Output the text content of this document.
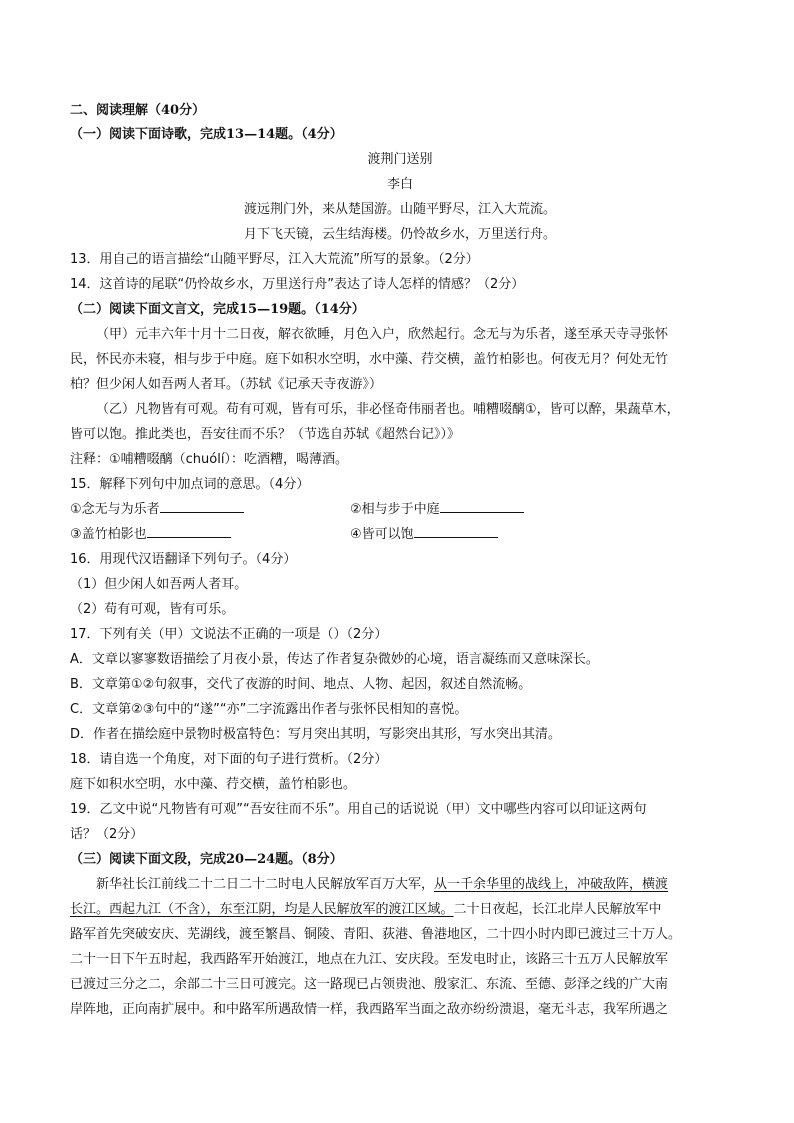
二、阅读理解（40分）
（一）阅读下面诗歌，完成13—14题。（4分）
渡荆门送别
李白
渡远荆门外，来从楚国游。山随平野尽，江入大荒流。
月下飞天镜，云生结海楼。仍怜故乡水，万里送行舟。
13．用自己的语言描绘“山随平野尽，江入大荒流”所写的景象。（2分）
14．这首诗的尾联“仍怜故乡水，万里送行舟”表达了诗人怎样的情感？（2分）
（二）阅读下面文言文，完成15—19题。（14分）
（甲）元丰六年十月十二日夜，解衣欲睡，月色入户，欣然起行。念无与为乐者，遂至承天寺寻张怀
民，怀民亦未寝，相与步于中庭。庭下如积水空明，水中藻、荇交横，盖竹柏影也。何夜无月？何处无竹
柏？但少闲人如吾两人者耳。（苏轼《记承天寺夜游》）
（乙）凡物皆有可观。苟有可观，皆有可乐，非必怪奇伟丽者也。哺糟啜醨①，皆可以醉，果蔬草木，
皆可以饱。推此类也，吾安往而不乐？（节选自苏轼《超然台记》）》
注释：①哺糟啜醨（chuólí）：吃酒糟，喝薄酒。
15．解释下列句中加点词的意思。（4分）
①念无与为乐者	②相与步于中庭
③盖竹柏影也	④皆可以饱
16．用现代汉语翻译下列句子。（4分）
（1）但少闲人如吾两人者耳。
（2）苟有可观，皆有可乐。
17．下列有关（甲）文说法不正确的一项是（）（2分）
A．文章以寥寥数语描绘了月夜小景，传达了作者复杂微妙的心境，语言凝练而又意味深长。
B．文章第①②句叙事，交代了夜游的时间、地点、人物、起因，叙述自然流畅。
C．文章第②③句中的“遂”“亦”二字流露出作者与张怀民相知的喜悦。
D．作者在描绘庭中景物时极富特色：写月突出其明，写影突出其形，写水突出其清。
18．请自选一个角度，对下面的句子进行赏析。（2分）
庭下如积水空明，水中藻、荇交横，盖竹柏影也。
19．乙文中说“凡物皆有可观”“吾安往而不乐”。用自己的话说说（甲）文中哪些内容可以印证这两句
话？（2分）
（三）阅读下面文段，完成20—24题。（8分）
新华社长江前线二十二日二十二时电人民解放军百万大军，从一千余华里的战线上，冲破敌阵，横渡
长江。西起九江（不含），东至江阴，均是人民解放军的渡江区域。二十日夜起，长江北岸人民解放军中
路军首先突破安庆、芜湖线，渡至繁昌、铜陵、青阳、荻港、鲁港地区，二十四小时内即已渡过三十万人。
二十一日下午五时起，我西路军开始渡江，地点在九江、安庆段。至发电时止，该路三十五万人民解放军
已渡过三分之二，余部二十三日可渡完。这一路现已占领贵池、殷家汇、东流、至德、彭泽之线的广大南
岸阵地，正向南扩展中。和中路军所遇敌情一样，我西路军当面之敌亦纷纷溃退，毫无斗志，我军所遇之
